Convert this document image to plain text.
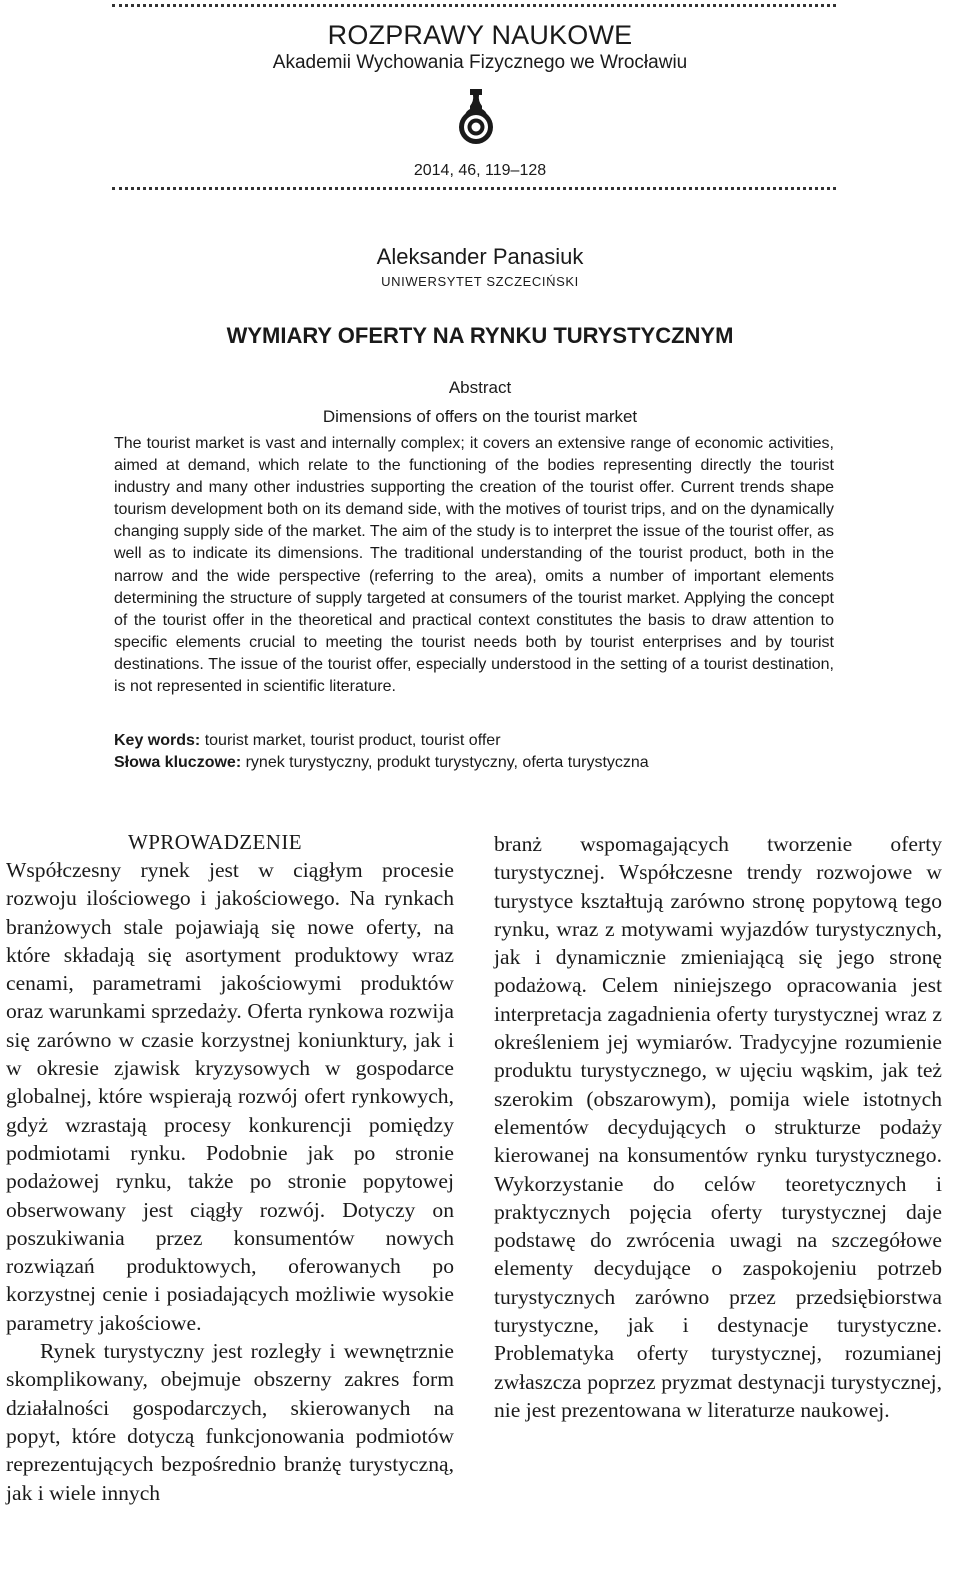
ROZPRAWY NAUKOWE
Akademii Wychowania Fizycznego we Wrocławiu
2014, 46, 119–128
Aleksander Panasiuk
UNIWERSYTET SZCZECIŃSKI
WYMIARY OFERTY NA RYNKU TURYSTYCZNYM
Abstract
Dimensions of offers on the tourist market
The tourist market is vast and internally complex; it covers an extensive range of economic activities, aimed at demand, which relate to the functioning of the bodies representing directly the tourist industry and many other industries supporting the creation of the tourist offer. Current trends shape tourism development both on its demand side, with the motives of tourist trips, and on the dynamically changing supply side of the market. The aim of the study is to interpret the issue of the tourist offer, as well as to indicate its dimensions. The traditional understanding of the tourist product, both in the narrow and the wide perspective (referring to the area), omits a number of important elements determining the structure of supply targeted at consumers of the tourist market. Applying the concept of the tourist offer in the theoretical and practical context constitutes the basis to draw attention to specific elements crucial to meeting the tourist needs both by tourist enterprises and by tourist destinations. The issue of the tourist offer, especially understood in the setting of a tourist destination, is not represented in scientific literature.
Key words: tourist market, tourist product, tourist offer
Słowa kluczowe: rynek turystyczny, produkt turystyczny, oferta turystyczna
WPROWADZENIE

Współczesny rynek jest w ciągłym procesie rozwoju ilościowego i jakościowego. Na rynkach branżowych stale pojawiają się nowe oferty, na które składają się asortyment produktowy wraz cenami, parametrami jakościowymi produktów oraz warunkami sprzedaży. Oferta rynkowa rozwija się zarówno w czasie korzystnej koniunktury, jak i w okresie zjawisk kryzysowych w gospodarce globalnej, które wspierają rozwój ofert rynkowych, gdyż wzrastają procesy konkurencji pomiędzy podmiotami rynku. Podobnie jak po stronie podażowej rynku, także po stronie popytowej obserwowany jest ciągły rozwój. Dotyczy on poszukiwania przez konsumentów nowych rozwiązań produktowych, oferowanych po korzystnej cenie i posiadających możliwie wysokie parametry jakościowe.

Rynek turystyczny jest rozległy i wewnętrznie skomplikowany, obejmuje obszerny zakres form działalności gospodarczych, skierowanych na popyt, które dotyczą funkcjonowania podmiotów reprezentujących bezpośrednio branżę turystyczną, jak i wiele innych

branż wspomagających tworzenie oferty turystycznej. Współczesne trendy rozwojowe w turystyce kształtują zarówno stronę popytową tego rynku, wraz z motywami wyjazdów turystycznych, jak i dynamicznie zmieniającą się jego stronę podażową. Celem niniejszego opracowania jest interpretacja zagadnienia oferty turystycznej wraz z określeniem jej wymiarów. Tradycyjne rozumienie produktu turystycznego, w ujęciu wąskim, jak też szerokim (obszarowym), pomija wiele istotnych elementów decydujących o strukturze podaży kierowanej na konsumentów rynku turystycznego. Wykorzystanie do celów teoretycznych i praktycznych pojęcia oferty turystycznej daje podstawę do zwrócenia uwagi na szczegółowe elementy decydujące o zaspokojeniu potrzeb turystycznych zarówno przez przedsiębiorstwa turystyczne, jak i destynacje turystyczne. Problematyka oferty turystycznej, rozumianej zwłaszcza poprzez pryzmat destynacji turystycznej, nie jest prezentowana w literaturze naukowej.
